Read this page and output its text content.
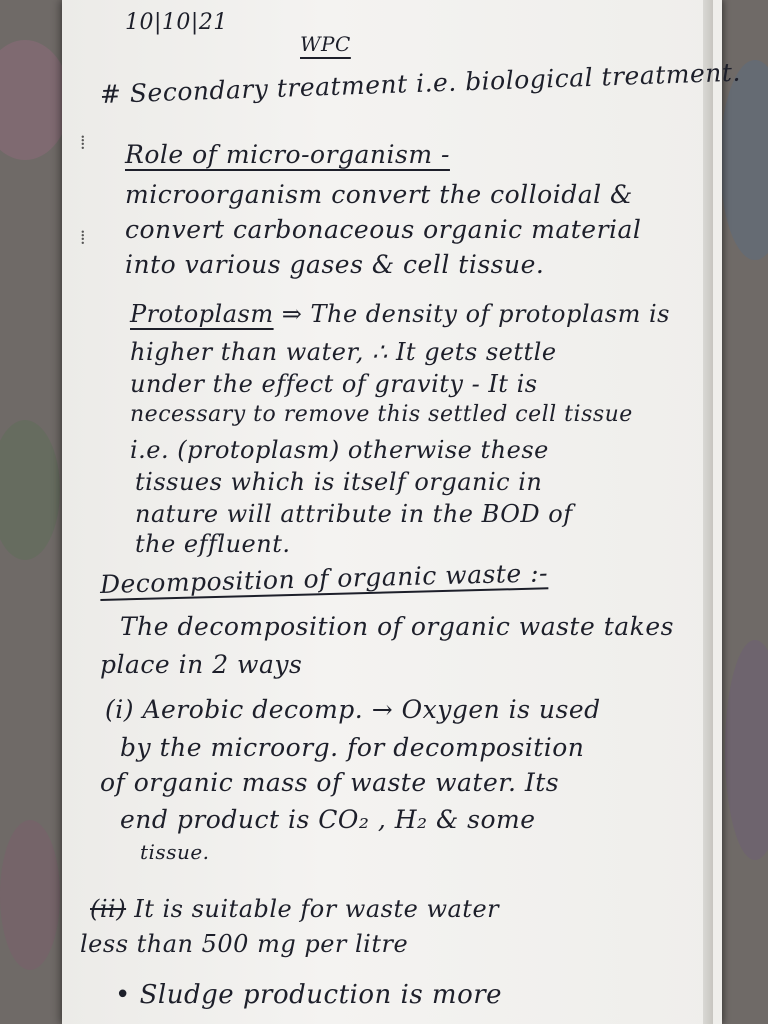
⁞
⁞
10|10|21
WPC
# Secondary treatment i.e. biological treatment.
Role of micro-organism -
microorganism convert the colloidal &
convert carbonaceous organic material
into various gases & cell tissue.
Protoplasm ⇒ The density of protoplasm is
higher than water, ∴ It gets settle
under the effect of gravity - It is
necessary to remove this settled cell tissue
i.e. (protoplasm) otherwise these
tissues which is itself organic in
nature will attribute in the BOD of
the effluent.
Decomposition of organic waste :-
The decomposition of organic waste takes
place in 2 ways
(i) Aerobic decomp. → Oxygen is used
by the microorg. for decomposition
of organic mass of waste water. Its
end product is CO₂ , H₂ & some
tissue.
(ii) It is suitable for waste water
less than 500 mg per litre
• Sludge production is more
